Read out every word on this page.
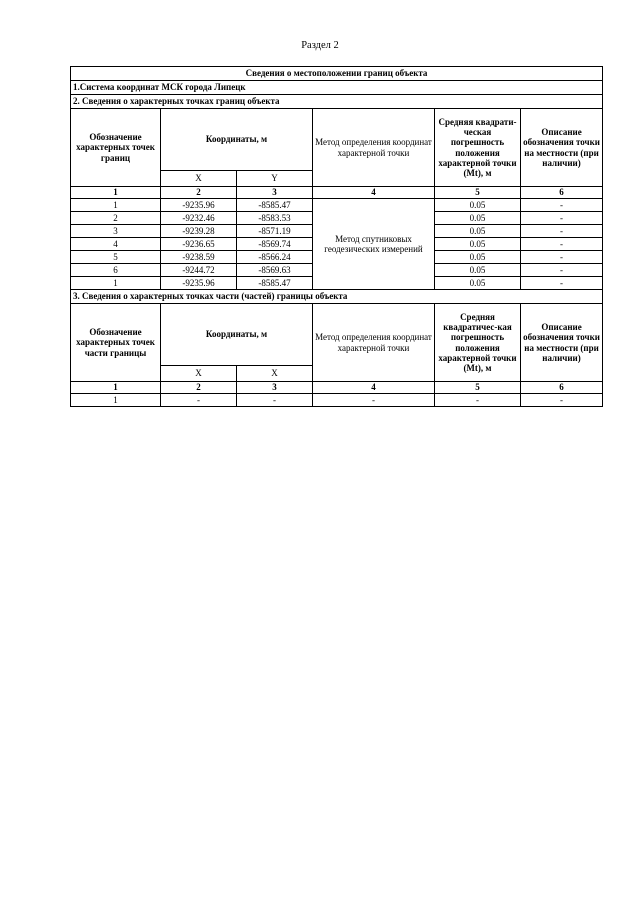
Раздел 2
Сведения о местоположении границ объекта					
1.Система координат МСК города Липецк					
2. Сведения о характерных точках границ объекта					
Обозначение характерных точек границ	Координаты, м		Метод определения координат характерной точки	Средняя квадрати-ческая погрешность положения характерной точки (Mt), м	Описание обозначения точки на местности (при наличии)
	X	Y			
1	2	3	4	5	6
1	-9235.96	-8585.47	Метод спутниковых геодезических измерений	0.05	-
2	-9232.46	-8583.53		0.05	-
3	-9239.28	-8571.19		0.05	-
4	-9236.65	-8569.74		0.05	-
5	-9238.59	-8566.24		0.05	-
6	-9244.72	-8569.63		0.05	-
1	-9235.96	-8585.47		0.05	-
3. Сведения о характерных точках части (частей) границы объекта					
Обозначение характерных точек части границы	Координаты, м		Метод определения координат характерной точки	Средняя квадратичес-кая погрешность положения характерной точки (Mt), м	Описание обозначения точки на местности (при наличии)
	X	X			
1	2	3	4	5	6
1	-	-	-	-	-
